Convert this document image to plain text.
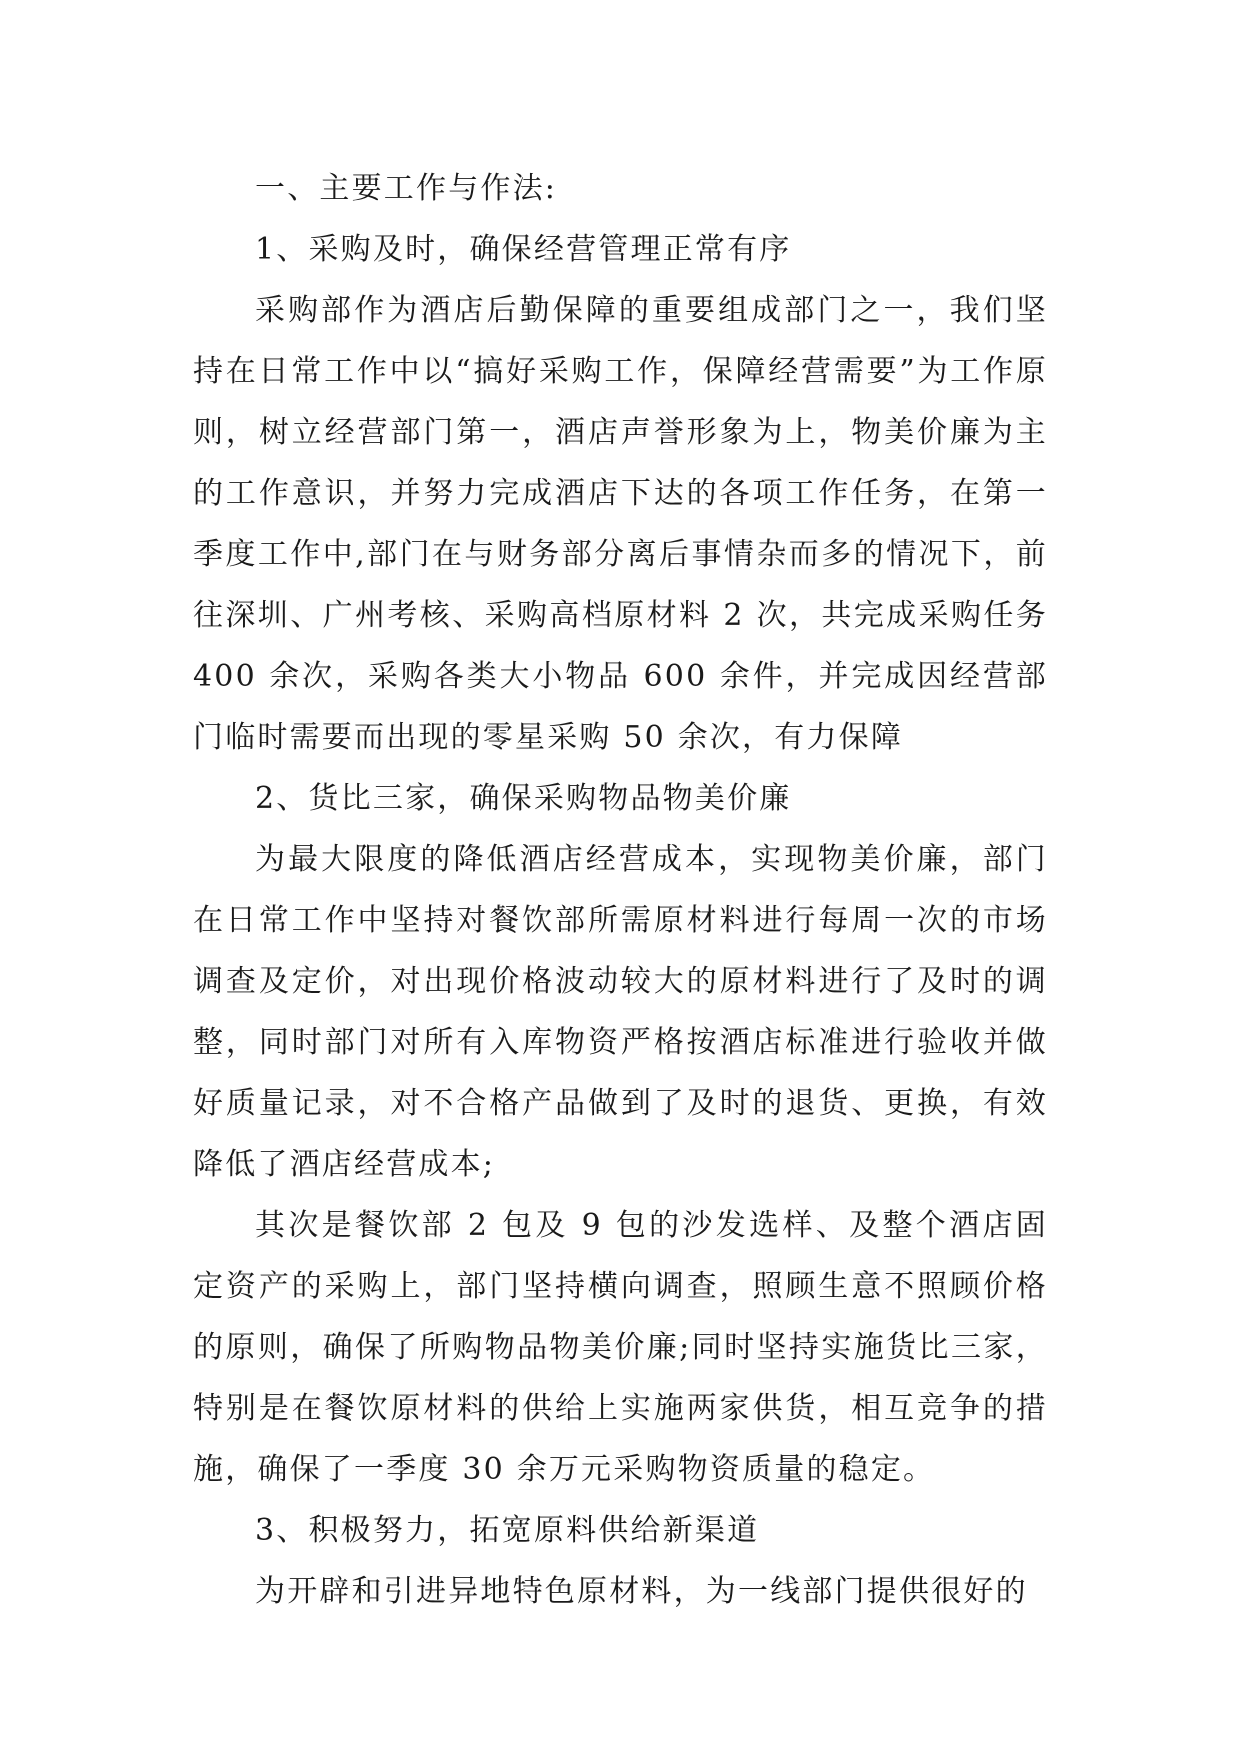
一、主要工作与作法:

1、采购及时，确保经营管理正常有序

采购部作为酒店后勤保障的重要组成部门之一，我们坚持在日常工作中以“搞好采购工作，保障经营需要”为工作原则，树立经营部门第一，酒店声誉形象为上，物美价廉为主的工作意识，并努力完成酒店下达的各项工作任务，在第一季度工作中,部门在与财务部分离后事情杂而多的情况下，前往深圳、广州考核、采购高档原材料 2 次，共完成采购任务 400 余次，采购各类大小物品 600 余件，并完成因经营部门临时需要而出现的零星采购 50 余次，有力保障

2、货比三家，确保采购物品物美价廉

为最大限度的降低酒店经营成本，实现物美价廉，部门在日常工作中坚持对餐饮部所需原材料进行每周一次的市场调查及定价，对出现价格波动较大的原材料进行了及时的调整，同时部门对所有入库物资严格按酒店标准进行验收并做好质量记录，对不合格产品做到了及时的退货、更换，有效降低了酒店经营成本;

其次是餐饮部 2 包及 9 包的沙发选样、及整个酒店固定资产的采购上，部门坚持横向调查，照顾生意不照顾价格的原则，确保了所购物品物美价廉;同时坚持实施货比三家，特别是在餐饮原材料的供给上实施两家供货，相互竞争的措施，确保了一季度 30 余万元采购物资质量的稳定。

3、积极努力，拓宽原料供给新渠道

为开辟和引进异地特色原材料，为一线部门提供很好的
